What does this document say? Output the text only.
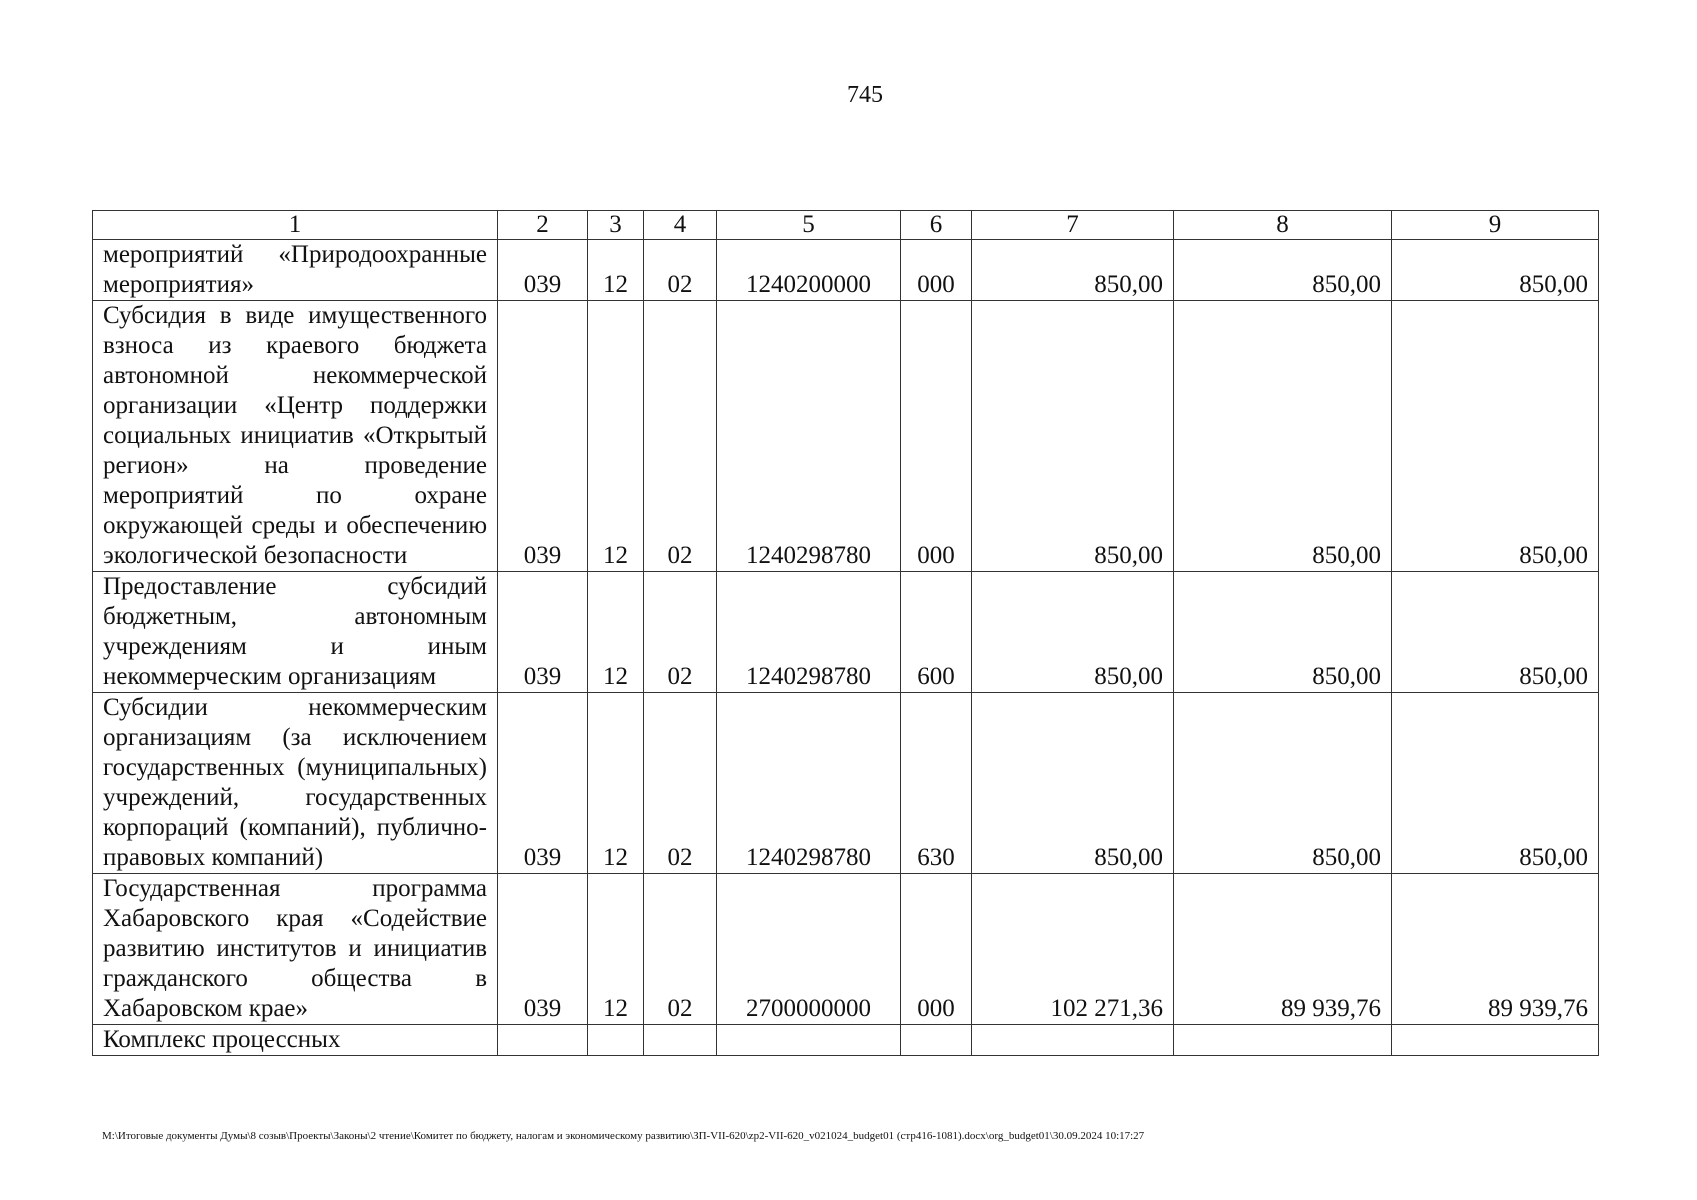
745
1	2	3	4	5	6	7	8	9
мероприятий «Природоохранные мероприятия»	039	12	02	1240200000	000	850,00	850,00	850,00
Субсидия в виде имущественного взноса из краевого бюджета автономной некоммерческой организации «Центр поддержки социальных инициатив «Открытый регион» на проведение мероприятий по охране окружающей среды и обеспечению экологической безопасности	039	12	02	1240298780	000	850,00	850,00	850,00
Предоставление субсидий бюджетным, автономным учреждениям и иным некоммерческим организациям	039	12	02	1240298780	600	850,00	850,00	850,00
Субсидии некоммерческим организациям (за исключением государственных (муниципальных) учреждений, государственных корпораций (компаний), публично-правовых компаний)	039	12	02	1240298780	630	850,00	850,00	850,00
Государственная программа Хабаровского края «Содействие развитию институтов и инициатив гражданского общества в Хабаровском крае»	039	12	02	2700000000	000	102 271,36	89 939,76	89 939,76
Комплекс процессных								
M:\Итоговые документы Думы\8 созыв\Проекты\Законы\2 чтение\Комитет по бюджету, налогам и экономическому развитию\ЗП-VII-620\zp2-VII-620_v021024_budget01 (стр416-1081).docx\org_budget01\30.09.2024 10:17:27
